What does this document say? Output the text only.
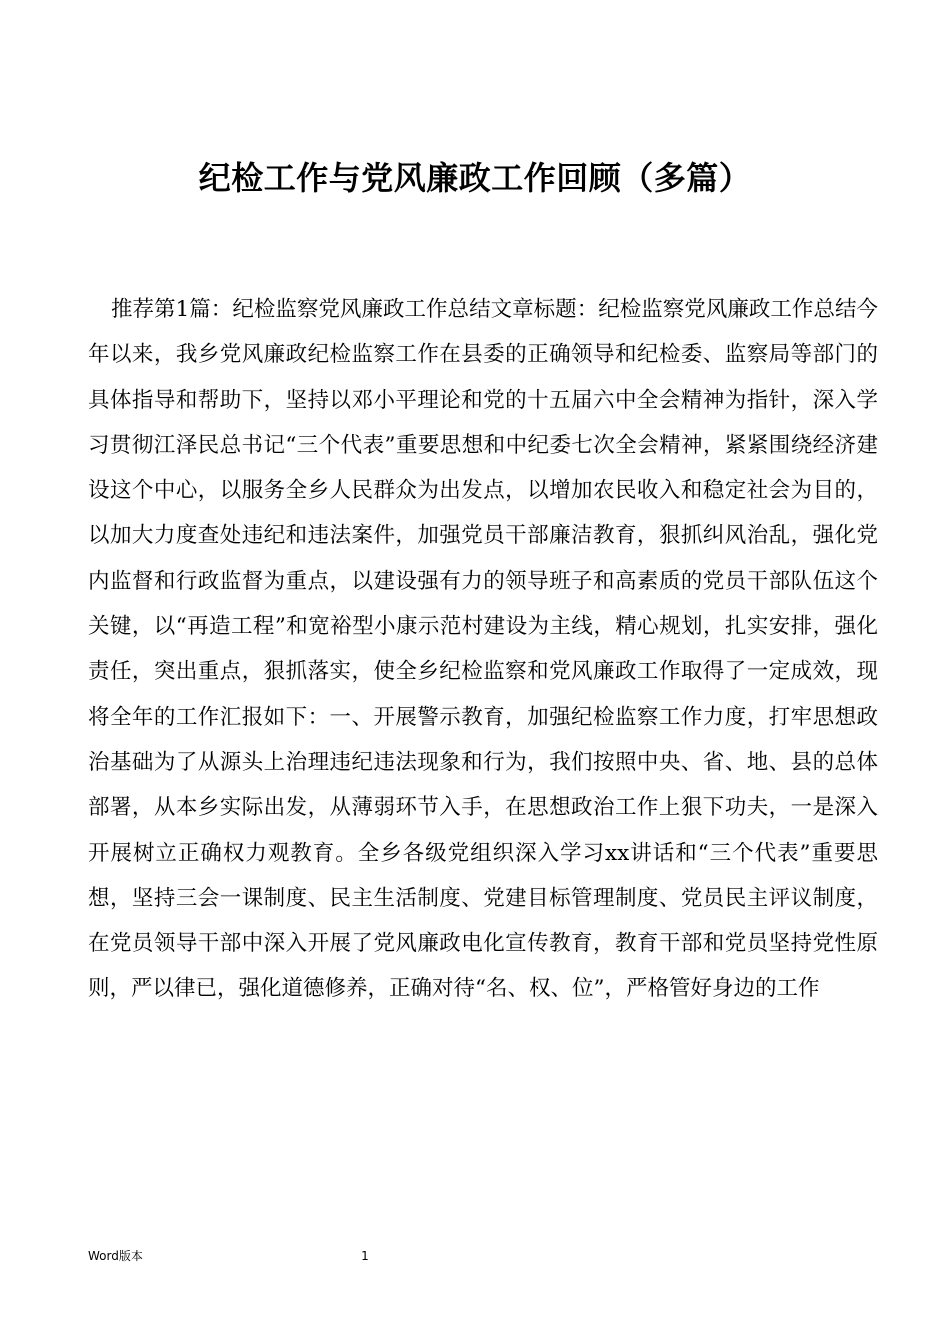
纪检工作与党风廉政工作回顾（多篇）

推荐第1篇：纪检监察党风廉政工作总结文章标题：纪检监察党风廉政工作总结今年以来，我乡党风廉政纪检监察工作在县委的正确领导和纪检委、监察局等部门的具体指导和帮助下，坚持以邓小平理论和党的十五届六中全会精神为指针，深入学习贯彻江泽民总书记“三个代表”重要思想和中纪委七次全会精神，紧紧围绕经济建设这个中心，以服务全乡人民群众为出发点，以增加农民收入和稳定社会为目的，以加大力度查处违纪和违法案件，加强党员干部廉洁教育，狠抓纠风治乱，强化党内监督和行政监督为重点，以建设强有力的领导班子和高素质的党员干部队伍这个关键，以“再造工程”和宽裕型小康示范村建设为主线，精心规划，扎实安排，强化责任，突出重点，狠抓落实，使全乡纪检监察和党风廉政工作取得了一定成效，现将全年的工作汇报如下：一、开展警示教育，加强纪检监察工作力度，打牢思想政治基础为了从源头上治理违纪违法现象和行为，我们按照中央、省、地、县的总体部署，从本乡实际出发，从薄弱环节入手，在思想政治工作上狠下功夫，一是深入开展树立正确权力观教育。全乡各级党组织深入学习xx讲话和“三个代表”重要思想，坚持三会一课制度、民主生活制度、党建目标管理制度、党员民主评议制度，在党员领导干部中深入开展了党风廉政电化宣传教育，教育干部和党员坚持党性原则，严以律已，强化道德修养，正确对待“名、权、位”，严格管好身边的工作

Word版本	1
